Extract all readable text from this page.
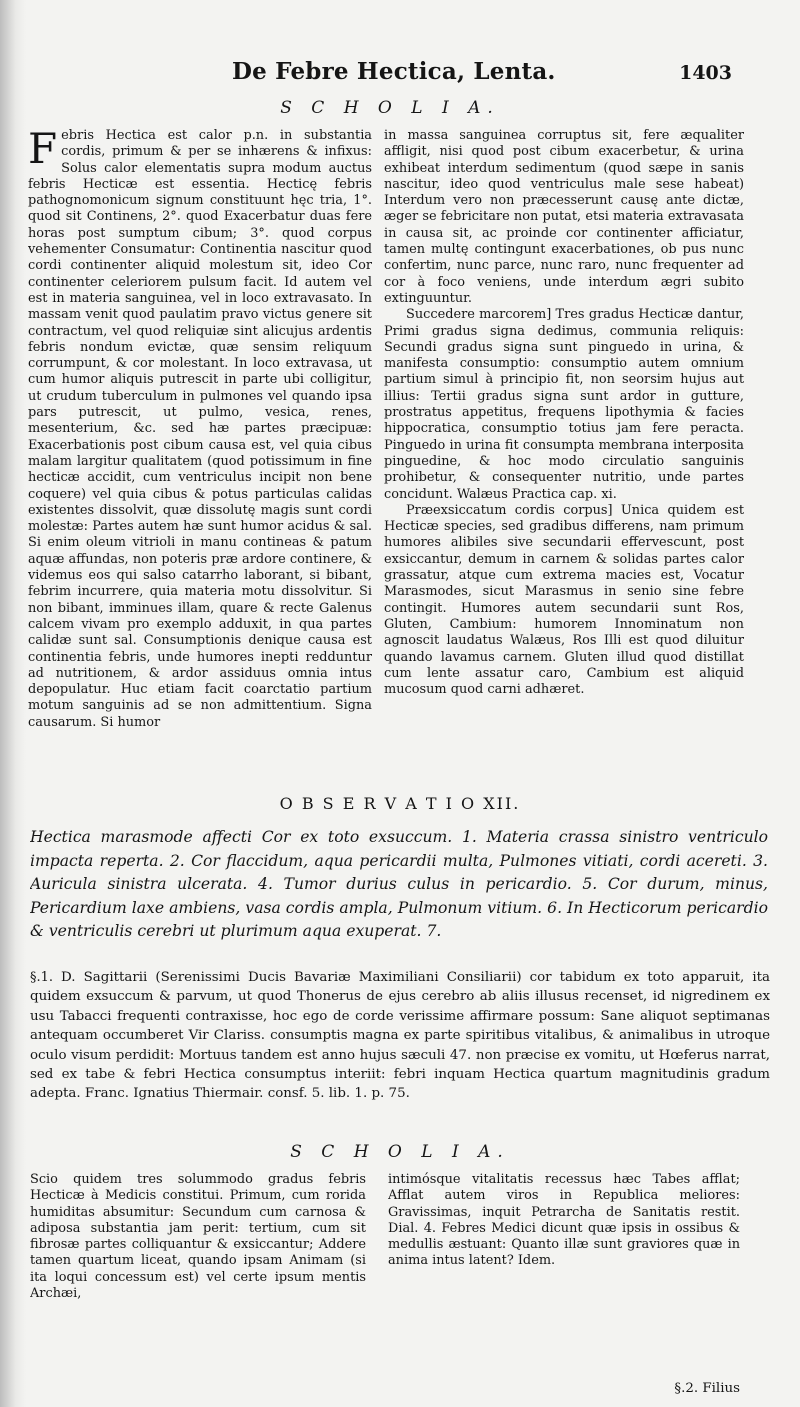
De Febre Hectica, Lenta.	1403
S C H O L I A.

Febris Hectica est calor p.n. in substantia cordis, primum & per se inhærens & infixus: Solus calor elementatis supra modum auctus febris Hecticæ est essentia. Hecticę febris pathognomonicum signum constituunt hęc tria, 1°. quod sit Continens, 2°. quod Exacerbatur duas fere horas post sumptum cibum; 3°. quod corpus vehementer Consumatur: Continentia nascitur quod cordi continenter aliquid molestum sit, ideo Cor continenter celeriorem pulsum facit. Id autem vel est in materia sanguinea, vel in loco extravasato. In massam venit quod paulatim pravo victus genere sit contractum, vel quod reliquiæ sint alicujus ardentis febris nondum evictæ, quæ sensim reliquum corrumpunt, & cor molestant. In loco extravasa, ut cum humor aliquis putrescit in parte ubi colligitur, ut crudum tuberculum in pulmones vel quando ipsa pars putrescit, ut pulmo, vesica, renes, mesenterium, &c. sed hæ partes præcipuæ: Exacerbationis post cibum causa est, vel quia cibus malam largitur qualitatem (quod potissimum in fine hecticæ accidit, cum ventriculus incipit non bene coquere) vel quia cibus & potus particulas calidas existentes dissolvit, quæ dissolutę magis sunt cordi molestæ: Partes autem hæ sunt humor acidus & sal. Si enim oleum vitrioli in manu contineas & patum aquæ affundas, non poteris præ ardore continere, & videmus eos qui salso catarrho laborant, si bibant, febrim incurrere, quia materia motu dissolvitur. Si non bibant, imminues illam, quare & recte Galenus calcem vivam pro exemplo adduxit, in qua partes calidæ sunt sal. Consumptionis denique causa est continentia febris, unde humores inepti redduntur ad nutritionem, & ardor assiduus omnia intus depopulatur. Huc etiam facit coarctatio partium motum sanguinis ad se non admittentium. Signa causarum. Si humor

in massa sanguinea corruptus sit, fere æqualiter affligit, nisi quod post cibum exacerbetur, & urina exhibeat interdum sedimentum (quod sæpe in sanis nascitur, ideo quod ventriculus male sese habeat) Interdum vero non præcesserunt causę ante dictæ, æger se febricitare non putat, etsi materia extravasata in causa sit, ac proinde cor continenter afficiatur, tamen multę contingunt exacerbationes, ob pus nunc confertim, nunc parce, nunc raro, nunc frequenter ad cor à foco veniens, unde interdum ægri subito extinguuntur.

Succedere marcorem] Tres gradus Hecticæ dantur, Primi gradus signa dedimus, communia reliquis: Secundi gradus signa sunt pinguedo in urina, & manifesta consumptio: consumptio autem omnium partium simul à principio fit, non seorsim hujus aut illius: Tertii gradus signa sunt ardor in gutture, prostratus appetitus, frequens lipothymia & facies hippocratica, consumptio totius jam fere peracta. Pinguedo in urina fit consumpta membrana interposita pinguedine, & hoc modo circulatio sanguinis prohibetur, & consequenter nutritio, unde partes concidunt. Walæus Practica cap. xi.

Præexsiccatum cordis corpus] Unica quidem est Hecticæ species, sed gradibus differens, nam primum humores alibiles sive secundarii effervescunt, post exsiccantur, demum in carnem & solidas partes calor grassatur, atque cum extrema macies est, Vocatur Marasmodes, sicut Marasmus in senio sine febre contingit. Humores autem secundarii sunt Ros, Gluten, Cambium: humorem Innominatum non agnoscit laudatus Walæus, Ros Illi est quod diluitur quando lavamus carnem. Gluten illud quod distillat cum lente assatur caro, Cambium est aliquid mucosum quod carni adhæret.

O B S E R V A T I O XII.

Hectica marasmode affecti Cor ex toto exsuccum. 1. Materia crassa sinistro ventriculo impacta reperta. 2. Cor flaccidum, aqua pericardii multa, Pulmones vitiati, cordi acereti. 3. Auricula sinistra ulcerata. 4. Tumor durius culus in pericardio. 5. Cor durum, minus, Pericardium laxe ambiens, vasa cordis ampla, Pulmonum vitium. 6. In Hecticorum pericardio & ventriculis cerebri ut plurimum aqua exuperat. 7.

§.1. D. Sagittarii (Serenissimi Ducis Bavariæ Maximiliani Consiliarii) cor tabidum ex toto apparuit, ita quidem exsuccum & parvum, ut quod Thonerus de ejus cerebro ab aliis illusus recenset, id nigredinem ex usu Tabacci frequenti contraxisse, hoc ego de corde verissime affirmare possum: Sane aliquot septimanas antequam occumberet Vir Clariss. consumptis magna ex parte spiritibus vitalibus, & animalibus in utroque oculo visum perdidit: Mortuus tandem est anno hujus sæculi 47. non præcise ex vomitu, ut Hœferus narrat, sed ex tabe & febri Hectica consumptus interiit: febri inquam Hectica quartum magnitudinis gradum adepta. Franc. Ignatius Thiermair. consf. 5. lib. 1. p. 75.
S C H O L I A.

Scio quidem tres solummodo gradus febris Hecticæ à Medicis constitui. Primum, cum rorida humiditas absumitur: Secundum cum carnosa & adiposa substantia jam perit: tertium, cum sit fibrosæ partes colliquantur & exsiccantur; Addere tamen quartum liceat, quando ipsam Animam (si ita loqui concessum est) vel certe ipsum mentis Archæi,

intimósque vitalitatis recessus hæc Tabes afflat; Afflat autem viros in Republica meliores: Gravissimas, inquit Petrarcha de Sanitatis restit. Dial. 4. Febres Medici dicunt quæ ipsis in ossibus & medullis æstuant: Quanto illæ sunt graviores quæ in anima intus latent? Idem.

§.2. Filius
